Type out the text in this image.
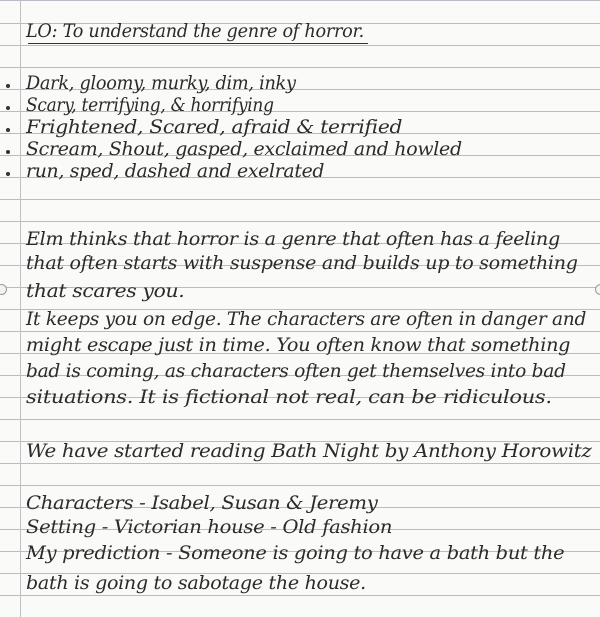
LO: To understand the genre of horror.
Dark, gloomy, murky, dim, inky
Scary, terrifying, & horrifying
Frightened, Scared, afraid & terrified
Scream, Shout, gasped, exclaimed and howled
run, sped, dashed and exelrated
Elm thinks that horror is a genre that often has a feeling
that often starts with suspense and builds up to something
that scares you.
It keeps you on edge. The characters are often in danger and
might escape just in time. You often know that something
bad is coming, as characters often get themselves into bad
situations. It is fictional not real, can be ridiculous.
We have started reading Bath Night by Anthony Horowitz
Characters - Isabel, Susan & Jeremy
Setting - Victorian house - Old fashion
My prediction - Someone is going to have a bath but the
bath is going to sabotage the house.
